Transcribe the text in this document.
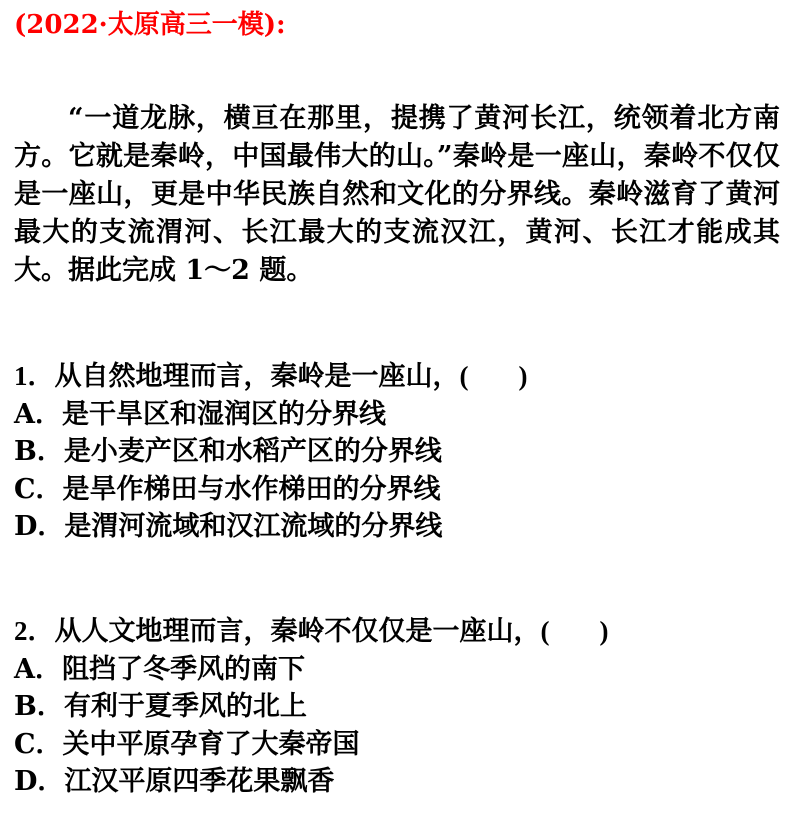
(2022·太原高三一模):

“一道龙脉，横亘在那里，提携了黄河长江，统领着北方南方。它就是秦岭，中国最伟大的山。”秦岭是一座山，秦岭不仅仅是一座山，更是中华民族自然和文化的分界线。秦岭滋育了黄河最大的支流渭河、长江最大的支流汉江，黄河、长江才能成其大。据此完成 1～2 题。

1．从自然地理而言，秦岭是一座山，( )
A．是干旱区和湿润区的分界线
B．是小麦产区和水稻产区的分界线
C．是旱作梯田与水作梯田的分界线
D．是渭河流域和汉江流域的分界线
2．从人文地理而言，秦岭不仅仅是一座山，( )
A．阻挡了冬季风的南下
B．有利于夏季风的北上
C．关中平原孕育了大秦帝国
D．江汉平原四季花果飘香
